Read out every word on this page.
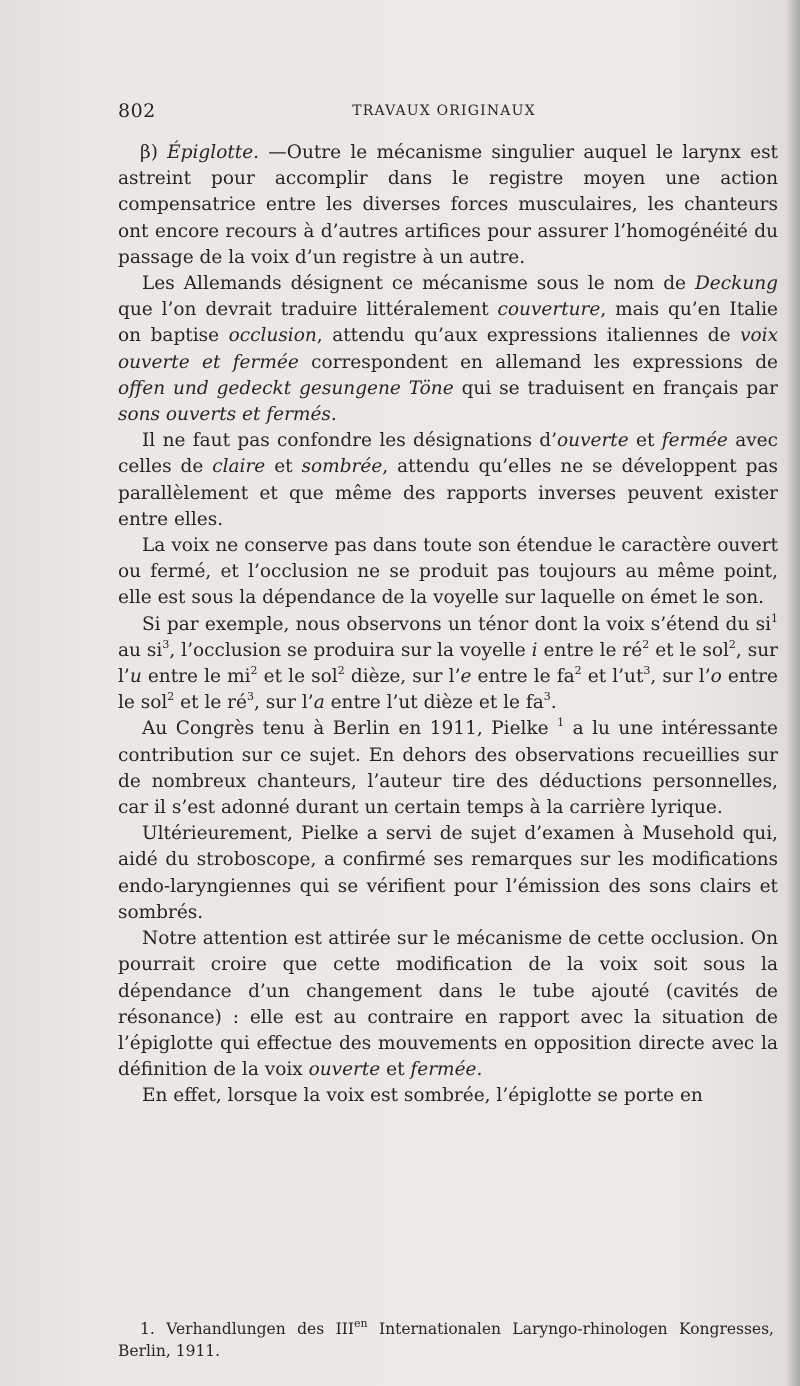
802	TRAVAUX ORIGINAUX

β) Épiglotte. —Outre le mécanisme singulier auquel le larynx est astreint pour accomplir dans le registre moyen une action compensatrice entre les diverses forces musculaires, les chanteurs ont encore recours à d’autres artifices pour assurer l’homogénéité du passage de la voix d’un registre à un autre.

Les Allemands désignent ce mécanisme sous le nom de Deckung que l’on devrait traduire littéralement couverture, mais qu’en Italie on baptise occlusion, attendu qu’aux expressions italiennes de voix ouverte et fermée correspondent en allemand les expressions de offen und gedeckt gesungene Töne qui se traduisent en français par sons ouverts et fermés.

Il ne faut pas confondre les désignations d’ouverte et fermée avec celles de claire et sombrée, attendu qu’elles ne se développent pas parallèlement et que même des rapports inverses peuvent exister entre elles.

La voix ne conserve pas dans toute son étendue le caractère ouvert ou fermé, et l’occlusion ne se produit pas toujours au même point, elle est sous la dépendance de la voyelle sur laquelle on émet le son.

Si par exemple, nous observons un ténor dont la voix s’étend du $si^1$ au $si^3$, l’occlusion se produira sur la voyelle i entre le $ré^2$ et le sol$^2$, sur l’u entre le $mi^2$ et le sol$^2$ dièze, sur l’e entre le $fa^2$ et $l’ut^3$, sur l’o entre le sol$^2$ et le $ré^3$, sur l’a entre l’ut dièze et le $fa^3$.

Au Congrès tenu à Berlin en 1911, Pielke $^1$ a lu une intéressante contribution sur ce sujet. En dehors des observations recueillies sur de nombreux chanteurs, l’auteur tire des déductions personnelles, car il s’est adonné durant un certain temps à la carrière lyrique.

Ultérieurement, Pielke a servi de sujet d’examen à Musehold qui, aidé du stroboscope, a confirmé ses remarques sur les modifications endo-laryngiennes qui se vérifient pour l’émission des sons clairs et sombrés.

Notre attention est attirée sur le mécanisme de cette occlusion. On pourrait croire que cette modification de la voix soit sous la dépendance d’un changement dans le tube ajouté (cavités de résonance) : elle est au contraire en rapport avec la situation de l’épiglotte qui effectue des mouvements en opposition directe avec la définition de la voix ouverte et fermée.

En effet, lorsque la voix est sombrée, l’épiglotte se porte en

1. Verhandlungen des $III^{en}$ Internationalen Laryngo-rhinologen Kongresses, Berlin, 1911.
